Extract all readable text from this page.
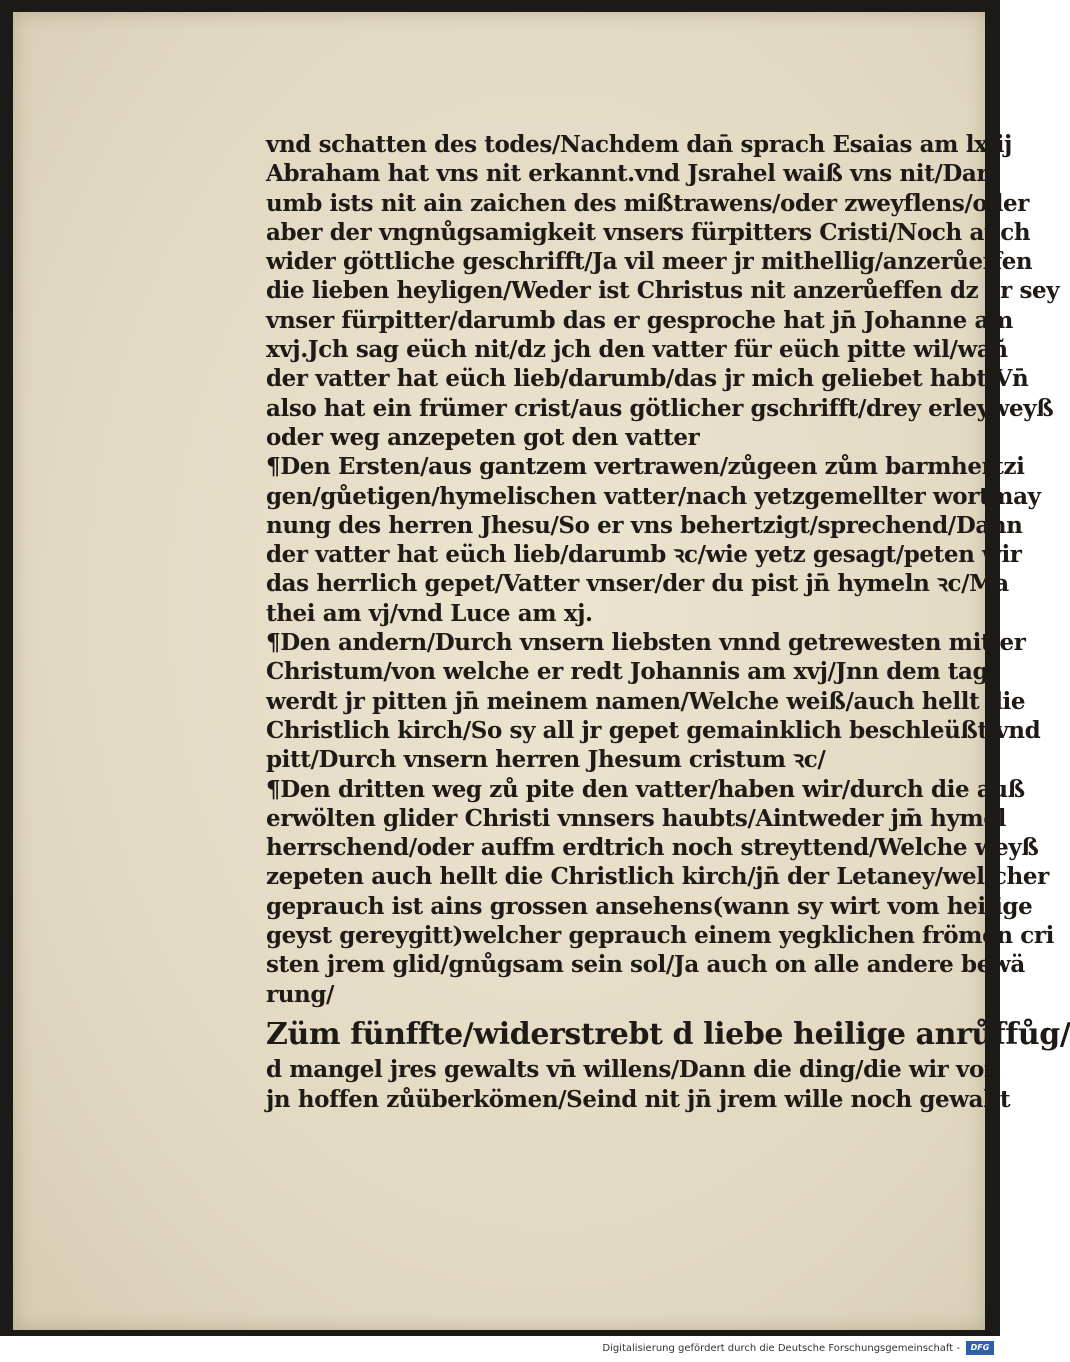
vnd schatten des todes/Nachdem dan̄ sprach Esaias am lxiij
Abraham hat vns nit erkannt.vnd Jsrahel waiß vns nit/Dar
umb ists nit ain zaichen des mißtrawens/oder zweyflens/oder
aber der vngnůgsamigkeit vnsers fürpitters Cristi/Noch auch
wider göttliche geschrifft/Ja vil meer jr mithellig/anzerůeffen
die lieben heyligen/Weder ist Christus nit anzerůeffen dz er sey
vnser fürpitter/darumb das er gesproche hat jn̄ Johanne am
xvj.Jch sag eüch nit/dz jch den vatter für eüch pitte wil/wañ
der vatter hat eüch lieb/darumb/das jr mich geliebet habt/Vn̄
also hat ein frümer crist/aus götlicher gschrifft/drey erleyweyß
oder weg anzepeten got den vatter
¶Den Ersten/aus gantzem vertrawen/zůgeen zům barmhertzi
gen/gůetigen/hymelischen vatter/nach yetzgemellter wortmay
nung des herren Jhesu/So er vns behertzigt/sprechend/Dann
der vatter hat eüch lieb/darumb ꝛc/wie yetz gesagt/peten wir
das herrlich gepet/Vatter vnser/der du pist jn̄ hymeln ꝛc/Ma
thei am vj/vnd Luce am xj.
¶Den andern/Durch vnsern liebsten vnnd getrewesten mitler
Christum/von welche er redt Johannis am xvj/Jnn dem tag
werdt jr pitten jn̄ meinem namen/Welche weiß/auch hellt die
Christlich kirch/So sy all jr gepet gemainklich beschleüßt vnd
pitt/Durch vnsern herren Jhesum cristum ꝛc/
¶Den dritten weg zů pite den vatter/haben wir/durch die auß
erwölten glider Christi vnnsers haubts/Aintweder jm̄ hymel
herrschend/oder auffm erdtrich noch streyttend/Welche weyß
zepeten auch hellt die Christlich kirch/jn̄ der Letaney/welicher
geprauch ist ains grossen ansehens(wann sy wirt vom heilige
geyst gereygitt)welcher geprauch einem yegklichen frömen cri
sten jrem glid/gnůgsam sein sol/Ja auch on alle andere bewä
rung/
Züm fünffte/widerstrebt d liebe heilige anrůffůg/
d mangel jres gewalts vn̄ willens/Dann die ding/die wir von
jn hoffen zůüberkömen/Seind nit jn̄ jrem wille noch gewallt
Digitalisierung gefördert durch die Deutsche Forschungsgemeinschaft -	DFG
